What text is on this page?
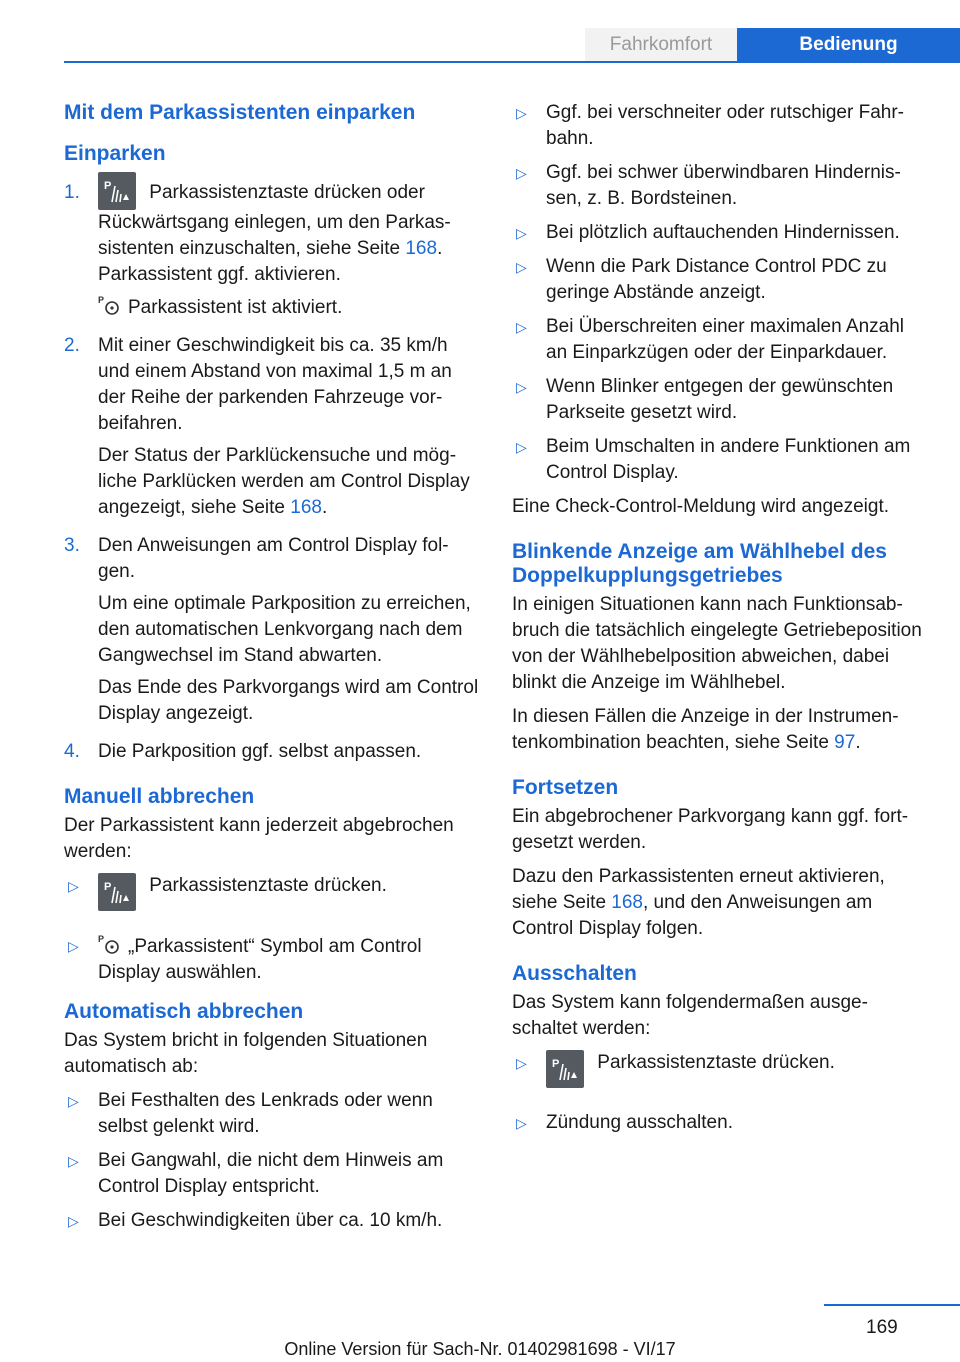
Fahrkomfort	Bedienung
Mit dem Parkassistenten einparken
Einparken
1.	P Parkassistenztaste drücken oder Rückwärtsgang einlegen, um den Parkassistenten einzuschalten, siehe Seite 168. Parkassistent ggf. aktivieren.

P Parkassistent ist aktiviert.

2. Mit einer Geschwindigkeit bis ca. 35 km/h und einem Abstand von maximal 1,5 m an der Reihe der parkenden Fahrzeuge vorbeifahren.

Der Status der Parklückensuche und mögliche Parklücken werden am Control Display angezeigt, siehe Seite 168.

3. Den Anweisungen am Control Display folgen.

Um eine optimale Parkposition zu erreichen, den automatischen Lenkvorgang nach dem Gangwechsel im Stand abwarten.

Das Ende des Parkvorgangs wird am Control Display angezeigt.

4. Die Parkposition ggf. selbst anpassen.

Manuell abbrechen

Der Parkassistent kann jederzeit abgebrochen werden:

▷	P Parkassistenztaste drücken.
▷	P „Parkassistent“ Symbol am Control Display auswählen.
Automatisch abbrechen

Das System bricht in folgenden Situationen automatisch ab:

▷	Bei Festhalten des Lenkrads oder wenn selbst gelenkt wird.
▷	Bei Gangwahl, die nicht dem Hinweis am Control Display entspricht.
▷	Bei Geschwindigkeiten über ca. 10 km/h.
▷	Ggf. bei verschneiter oder rutschiger Fahrbahn.
▷	Ggf. bei schwer überwindbaren Hindernissen, z. B. Bordsteinen.
▷	Bei plötzlich auftauchenden Hindernissen.
▷	Wenn die Park Distance Control PDC zu geringe Abstände anzeigt.
▷	Bei Überschreiten einer maximalen Anzahl an Einparkzügen oder der Einparkdauer.
▷	Wenn Blinker entgegen der gewünschten Parkseite gesetzt wird.
▷	Beim Umschalten in andere Funktionen am Control Display.

Eine Check-Control-Meldung wird angezeigt.

Blinkende Anzeige am Wählhebel des Doppelkupplungsgetriebes

In einigen Situationen kann nach Funktionsabbruch die tatsächlich eingelegte Getriebeposition von der Wählhebelposition abweichen, dabei blinkt die Anzeige im Wählhebel.

In diesen Fällen die Anzeige in der Instrumentenkombination beachten, siehe Seite 97.

Fortsetzen

Ein abgebrochener Parkvorgang kann ggf. fortgesetzt werden.

Dazu den Parkassistenten erneut aktivieren, siehe Seite 168, und den Anweisungen am Control Display folgen.

Ausschalten

Das System kann folgendermaßen ausgeschaltet werden:

▷	P Parkassistenztaste drücken.
▷	Zündung ausschalten.
169
Online Version für Sach-Nr. 01402981698 - VI/17
